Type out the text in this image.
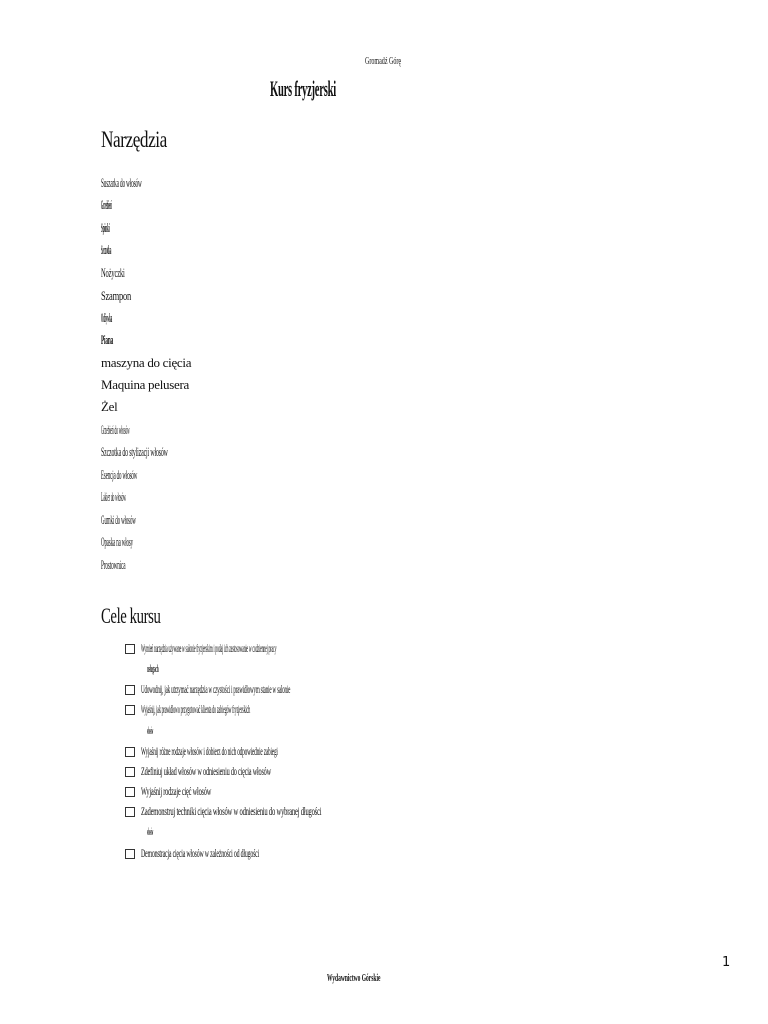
Gromadź Górę
Kurs fryzjerski
Narzędzia
Suszarka do włosów
Grzebień
Spinki
Szczotka
Nożyczki
Szampon
Odżywka
Piana
maszyna do cięcia
Maquina pelusera
Żel
Grzebień do włosów
Szczotka do stylizacji włosów
Esencja do włosów
Lakier do włosów
Gumki do włosów
Opaska na włosy
Prostownica
Cele kursu
Wymień narzędzia używane w salonie fryzjerskim i podaj ich zastosowanie w codziennej pracy
usługach
Udowodnij, jak utrzymać narzędzia w czystości i prawidłowym stanie w salonie
Wyjaśnij, jak prawidłowo przygotować klienta do zabiegów fryzjerskich
włosów
Wyjaśnij różne rodzaje włosów i dobierz do nich odpowiednie zabiegi
Zdefiniuj układ włosów w odniesieniu do cięcia włosów
Wyjaśnij rodzaje cięć włosów
Zademonstruj techniki cięcia włosów w odniesieniu do wybranej długości
włosów
Demonstracja cięcia włosów w zależności od długości
1
Wydawnictwo Górskie
